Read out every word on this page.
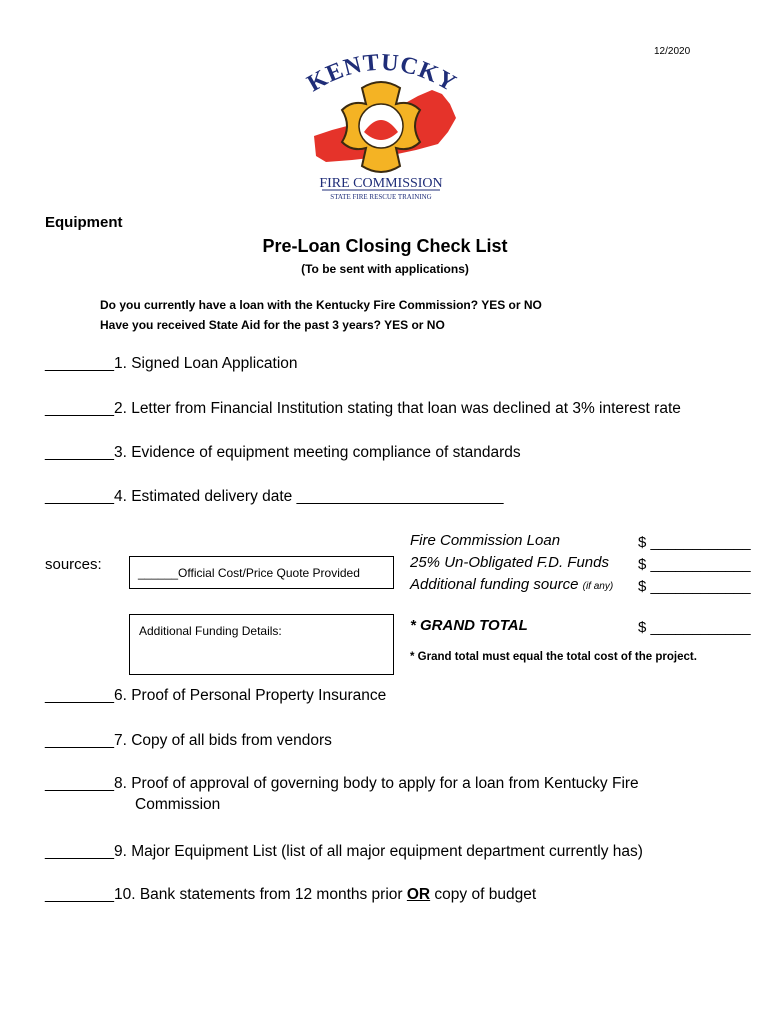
12/2020
KENTUCKY
FIRE COMMISSION
STATE FIRE RESCUE TRAINING
Equipment
Pre-Loan Closing Check List
(To be sent with applications)
Do you currently have a loan with the Kentucky Fire Commission? YES or NO
Have you received State Aid for the past 3 years? YES or NO
________1. Signed Loan Application
________2. Letter from Financial Institution stating that loan was declined at 3% interest rate
________3. Evidence of equipment meeting compliance of standards
________4. Estimated delivery date ________________________
sources:	______Official Cost/Price Quote Provided
Additional Funding Details:
Fire Commission Loan
25% Un-Obligated F.D. Funds
Additional funding source (if any)
$ ____________
$ ____________
$ ____________
* GRAND TOTAL	$ ____________
* Grand total must equal the total cost of the project.
________6. Proof of Personal Property Insurance
________7. Copy of all bids from vendors
________8. Proof of approval of governing body to apply for a loan from Kentucky Fire
Commission
________9. Major Equipment List (list of all major equipment department currently has)
________10. Bank statements from 12 months prior OR copy of budget
